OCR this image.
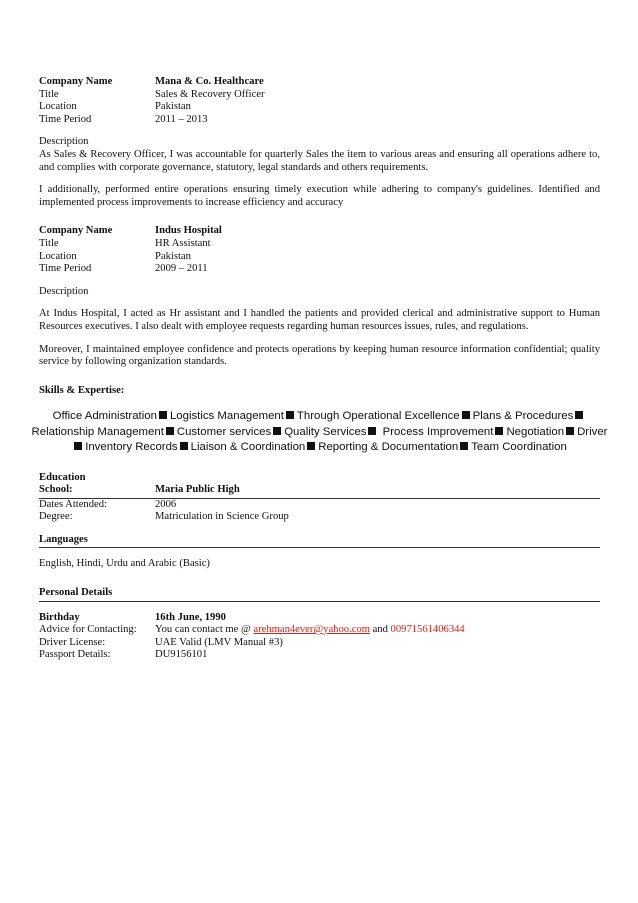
Company Name	Mana & Co. Healthcare
Title	Sales & Recovery Officer
Location	Pakistan
Time Period	2011 – 2013
Description

As Sales & Recovery Officer, I was accountable for quarterly Sales the item to various areas and ensuring all operations adhere to, and complies with corporate governance, statutory, legal standards and others requirements.

I additionally, performed entire operations ensuring timely execution while adhering to company's guidelines. Identified and implemented process improvements to increase efficiency and accuracy

Company Name	Indus Hospital
Title	HR Assistant
Location	Pakistan
Time Period	2009 – 2011
Description

At Indus Hospital, I acted as Hr assistant and I handled the patients and provided clerical and administrative support to Human Resources executives. I also dealt with employee requests regarding human resources issues, rules, and regulations.

Moreover, I maintained employee confidence and protects operations by keeping human resource information confidential; quality service by following organization standards.

Skills & Expertise:
Office Administration Logistics Management Through Operational Excellence Plans & Procedures
Relationship Management Customer services Quality Services Process Improvement Negotiation Driver
Inventory Records Liaison & Coordination Reporting & Documentation Team Coordination
Education
School:	Maria Public High
Dates Attended:	2006
Degree:	Matriculation in Science Group
Languages
English, Hindi, Urdu and Arabic (Basic)
Personal Details
Birthday	16th June, 1990
Advice for Contacting:	You can contact me @ arehman4ever@yahoo.com and 00971561406344
Driver License:	UAE Valid (LMV Manual #3)
Passport Details:	DU9156101
